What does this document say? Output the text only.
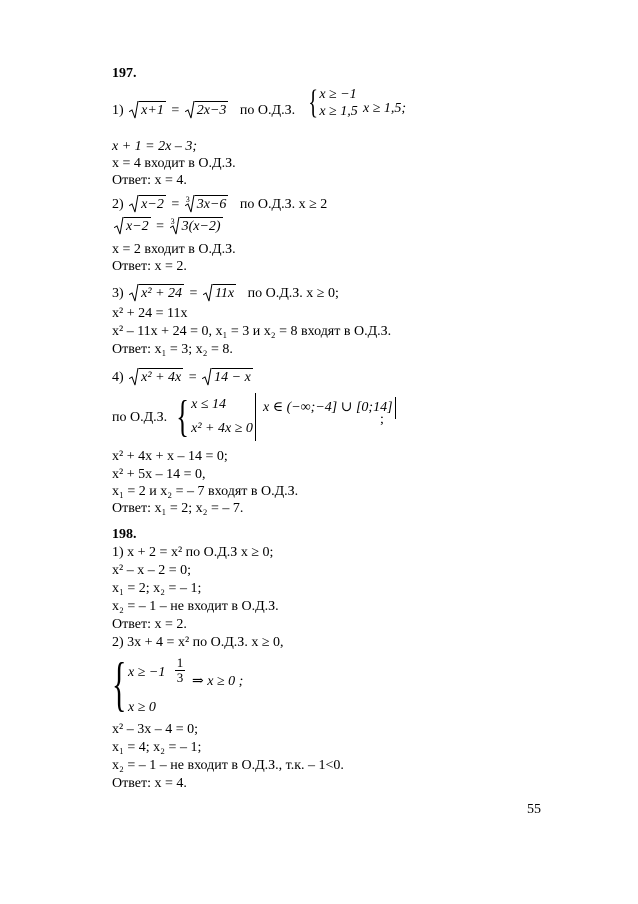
197.
1) x+1 = 2x−3 по О.Д.З. {x ≥ −1
x ≥ 1,5 x ≥ 1,5;
x + 1 = 2x – 3;
x = 4 входит в О.Д.З.
Ответ: x = 4.
2) x−2 = 3 3x−6 по О.Д.З. x ≥ 2
x−2 = 3 3(x−2)
x = 2 входит в О.Д.З.
Ответ: x = 2.
3) x² + 24 = 11x по О.Д.З. x ≥ 0;
x² + 24 = 11x
x² – 11x + 24 = 0, x₁ = 3 и x₂ = 8 входят в О.Д.З.
Ответ: x₁ = 3; x₂ = 8.
4) x² + 4x = 14 − x
по О.Д.З. { x ≤ 14
x² + 4x ≥ 0
x ∈ (−∞;−4] ∪ [0;14]
;
x² + 4x + x – 14 = 0;
x² + 5x – 14 = 0,
x₁ = 2 и x₂ = – 7 входят в О.Д.З.
Ответ: x₁ = 2; x₂ = – 7.
198.
1) x + 2 = x² по О.Д.З x ≥ 0;
x² – x – 2 = 0;
x₁ = 2; x₂ = – 1;
x₂ = – 1 – не входит в О.Д.З.
Ответ: x = 2.
2) 3x + 4 = x² по О.Д.З. x ≥ 0,
{ $x \ge -1 \frac{1}{3}$ ⇒ x ≥ 0 ;
x ≥ 0
x² – 3x – 4 = 0;
x₁ = 4; x₂ = – 1;
x₂ = – 1 – не входит в О.Д.З., т.к. – 1<0.
Ответ: x = 4.
55
